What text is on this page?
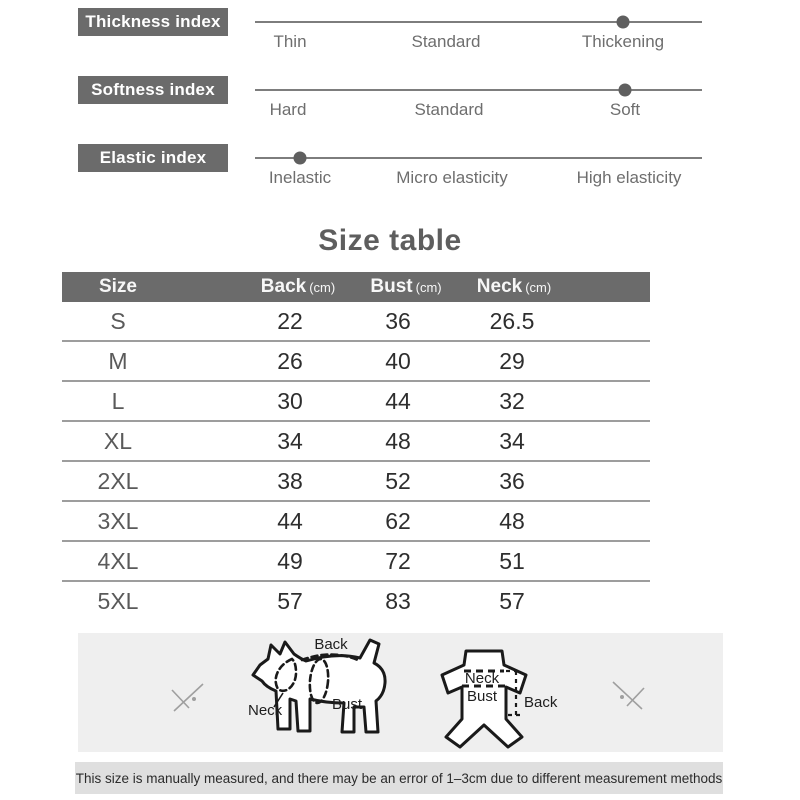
Thickness index
Thin	Standard	Thickening
Softness index
Hard	Standard	Soft
Elastic index
Inelastic	Micro elasticity	High elasticity
Size table
Size	Back (cm) Bust (cm) Neck (cm)
S	22	36	26.5
M	26	40	29
L	30	44	32
XL	34	48	34
2XL	38	52	36
3XL	44	62	48
4XL	49	72	51
5XL	57	83	57
Back
Neck	Bust
Neck
Bust Back
This size is manually measured, and there may be an error of 1–3cm due to different measurement methods
